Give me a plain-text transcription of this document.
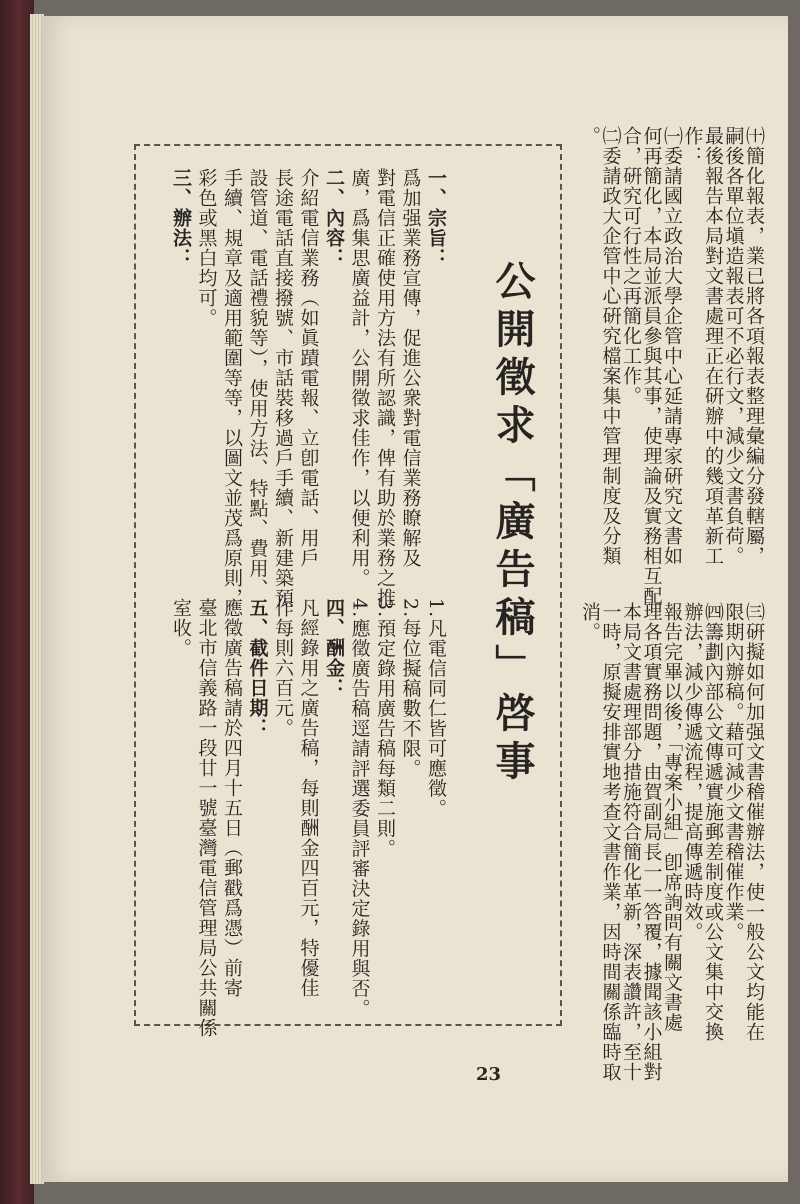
㈩簡化報表，業已將各項報表整理彙編分發轄屬，
嗣後各單位塡造報表可不必行文，減少文書負荷。
最後報告本局對文書處理正在硏辦中的幾項革新工
作：
㈠委請國立政治大學企管中心延請專家硏究文書如
何再簡化，本局並派員參與其事，使理論及實務相互配
合，硏究可行性之再簡化工作。
㈡委請政大企管中心硏究檔案集中管理制度及分類
。
㈢硏擬如何加强文書稽催辦法，使一般公文均能在
限期內辦稿。藉可減少文書稽催作業。
㈣籌劃內部公文傳遞實施郵差制度或公文集中交換
辦法，減少傳遞流程，提高傳遞時效。
報告完畢以後，「專案小組」卽席詢問有關文書處
理各項實務問題，由賀副局長一一答覆，據聞該小組對
本局文書處理部分措施符合簡化革新，深表讚許，至十
一時，原擬安排實地考查文書作業，因時間關係臨時取
消。
公開徵求「廣告稿」啓事
一、宗旨：
爲加强業務宣傳，促進公衆對電信業務瞭解及
對電信正確使用方法有所認識，俾有助於業務之推
廣，爲集思廣益計，公開徵求佳作，以便利用。
二、內容：
介紹電信業務（如眞蹟電報、立卽電話、用戶
長途電話直接撥號、市話裝移過戶手續、新建築預
設管道、電話禮貌等），使用方法、特點、費用、
手續、規章及適用範圍等等，以圖文並茂爲原則，
彩色或黑白均可。
三、辦法：
1.凡電信同仁皆可應徵。
2.每位擬稿數不限。
3.預定錄用廣告稿每類二則。
4.應徵廣告稿逕請評選委員評審決定錄用與否。
四、酬金：
凡經錄用之廣告稿，每則酬金四百元，特優佳
作每則六百元。
五、截件日期：
應徵廣告稿請於四月十五日（郵戳爲憑）前寄
臺北市信義路一段廿一號臺灣電信管理局公共關係
室收。
23
